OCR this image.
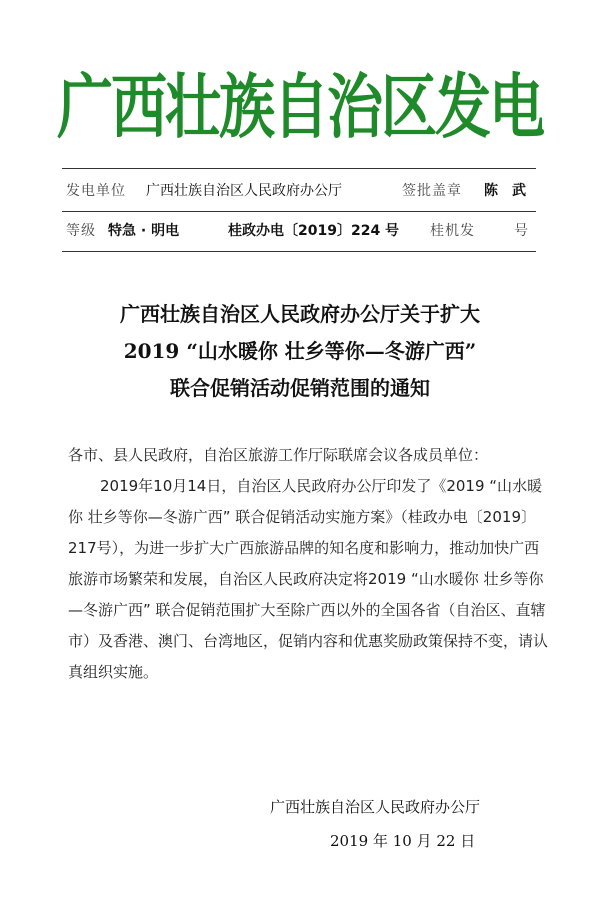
广西壮族自治区发电
发电单位 广西壮族自治区人民政府办公厅	签批盖章 陈　武
等级 特急 · 明电	桂政办电〔2019〕224 号 桂机发	号
广西壮族自治区人民政府办公厅关于扩大
2019 “山水暖你 壮乡等你—冬游广西”
联合促销活动促销范围的通知

各市、县人民政府，自治区旅游工作厅际联席会议各成员单位：

2019年10月14日，自治区人民政府办公厅印发了《2019 “山水暖你 壮乡等你—冬游广西” 联合促销活动实施方案》（桂政办电〔2019〕217号），为进一步扩大广西旅游品牌的知名度和影响力，推动加快广西旅游市场繁荣和发展，自治区人民政府决定将2019 “山水暖你 壮乡等你—冬游广西” 联合促销范围扩大至除广西以外的全国各省（自治区、直辖市）及香港、澳门、台湾地区，促销内容和优惠奖励政策保持不变，请认真组织实施。

广西壮族自治区人民政府办公厅
2019 年 10 月 22 日
